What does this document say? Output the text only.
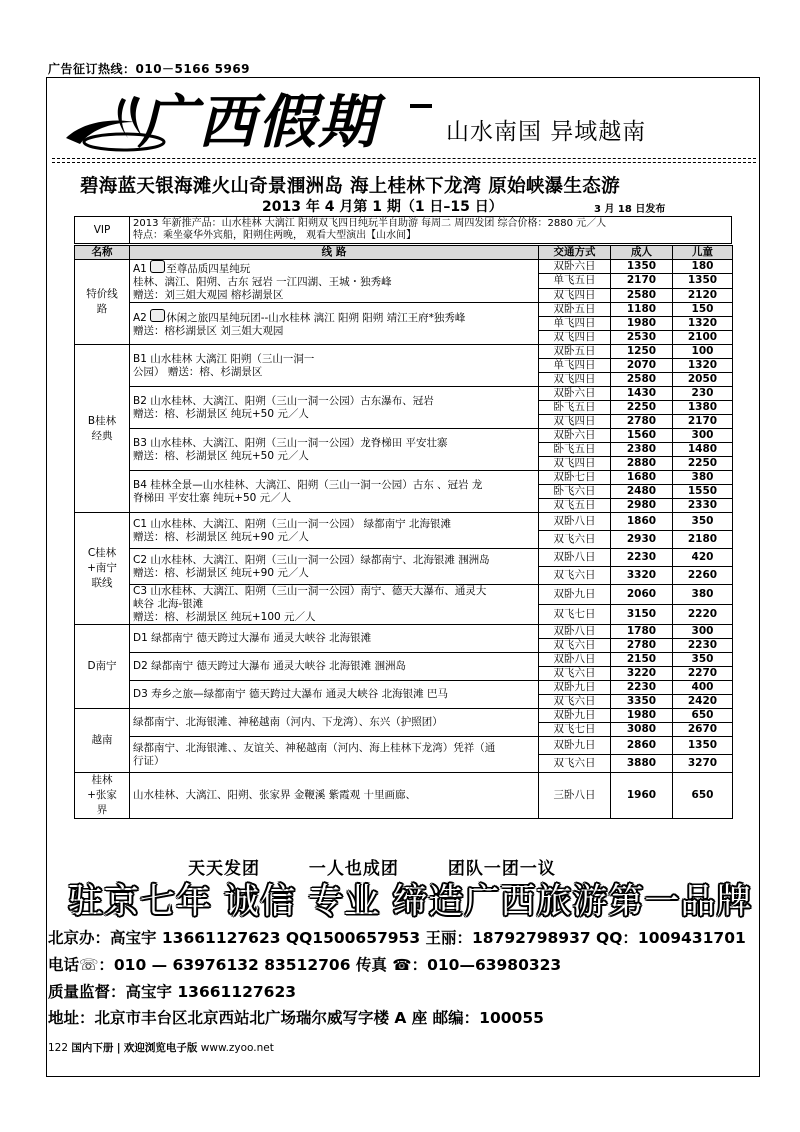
广告征订热线：010－5166 5969
广西假期	山水南国 异域越南
碧海蓝天银海滩火山奇景涠洲岛 海上桂林下龙湾 原始峡瀑生态游
2013 年 4 月第 1 期（1 日–15 日）	3 月 18 日发布
VIP	2013 年新推产品：山水桂林 大漓江 阳朔双飞四日纯玩半自助游 每周二 周四发团 综合价格：2880 元／人
特点：乘坐豪华外宾船，阳朔住两晚， 观看大型演出【山水间】
名称	线 路	交通方式	成人	儿童
特价线路	A1 至尊品质四星纯玩
桂林、漓江、阳朔、古东 冠岩 一江四湖、王城・独秀峰
赠送：刘三姐大观园 榕杉湖景区	双卧六日	1350	180
		单飞五日	2170	1350
		双飞四日	2580	2120

	A2 休闲之旅四星纯玩团--山水桂林 漓江 阳朔 阳朔 靖江王府*独秀峰
赠送：榕杉湖景区 刘三姐大观园	双卧五日	1180	150
		单飞四日	1980	1320
		双飞四日	2530	2100
B桂林经典	B1 山水桂林 大漓江 阳朔（三山一洞一
公园） 赠送：榕、杉湖景区	双卧五日	1250	100
		单飞四日	2070	1320
		双飞四日	2580	2050

	B2 山水桂林、大漓江、阳朔（三山一洞一公园）古东瀑布、冠岩
赠送：榕、杉湖景区 纯玩+50 元／人	双卧六日	1430	230
		卧飞五日	2250	1380
		双飞四日	2780	2170

	B3 山水桂林、大漓江、阳朔（三山一洞一公园）龙脊梯田 平安壮寨
赠送：榕、杉湖景区 纯玩+50 元／人	双卧六日	1560	300
		卧飞五日	2380	1480
		双飞四日	2880	2250

	B4 桂林全景—山水桂林、大漓江、阳朔（三山一洞一公园）古东 、冠岩 龙
脊梯田 平安壮寨 纯玩+50 元／人	双卧七日	1680	380
		卧飞六日	2480	1550
		双飞五日	2980	2330
C桂林+南宁联线	C1 山水桂林、大漓江、阳朔（三山一洞一公园） 绿都南宁 北海银滩
赠送：榕、杉湖景区 纯玩+90 元／人	双卧八日	1860	350
		双飞六日	2930	2180

	C2 山水桂林、大漓江、阳朔（三山一洞一公园）绿都南宁、北海银滩 涠洲岛
赠送：榕、杉湖景区 纯玩+90 元／人	双卧八日	2230	420
		双飞六日	3320	2260

	C3 山水桂林、大漓江、阳朔（三山一洞一公园）南宁、德天大瀑布、通灵大
峡谷 北海-银滩
赠送：榕、杉湖景区 纯玩+100 元／人	双卧九日	2060	380
		双飞七日	3150	2220
D南宁	D1 绿都南宁 德天跨过大瀑布 通灵大峡谷 北海银滩	双卧八日	1780	300
		双飞六日	2780	2230

	D2 绿都南宁 德天跨过大瀑布 通灵大峡谷 北海银滩 涠洲岛	双卧八日	2150	350
		双飞六日	3220	2270

	D3 寿乡之旅—绿都南宁 德天跨过大瀑布 通灵大峡谷 北海银滩 巴马	双卧九日	2230	400
		双飞六日	3350	2420
越南	绿都南宁、北海银滩、神秘越南（河内、下龙湾）、东兴（护照团）	双卧九日	1980	650
		双飞七日	3080	2670

	绿都南宁、北海银滩、、友谊关、神秘越南（河内、海上桂林下龙湾）凭祥（通
行证）	双卧九日	2860	1350
		双飞六日	3880	3270
桂林+张家界	山水桂林、大漓江、阳朔、张家界 金鞭溪 紫霞观 十里画廊、	三卧八日	1960	650
天天发团	一人也成团	团队一团一议
驻京七年 诚信 专业 缔造广西旅游第一品牌
北京办：高宝宇 13661127623 QQ1500657953 王丽：18792798937 QQ：1009431701
电话☏：010 — 63976132 83512706 传真 ☎：010—63980323
质量监督：高宝宇 13661127623
地址：北京市丰台区北京西站北广场瑞尔威写字楼 A 座 邮编：100055
122 国内下册 | 欢迎浏览电子版 www.zyoo.net
